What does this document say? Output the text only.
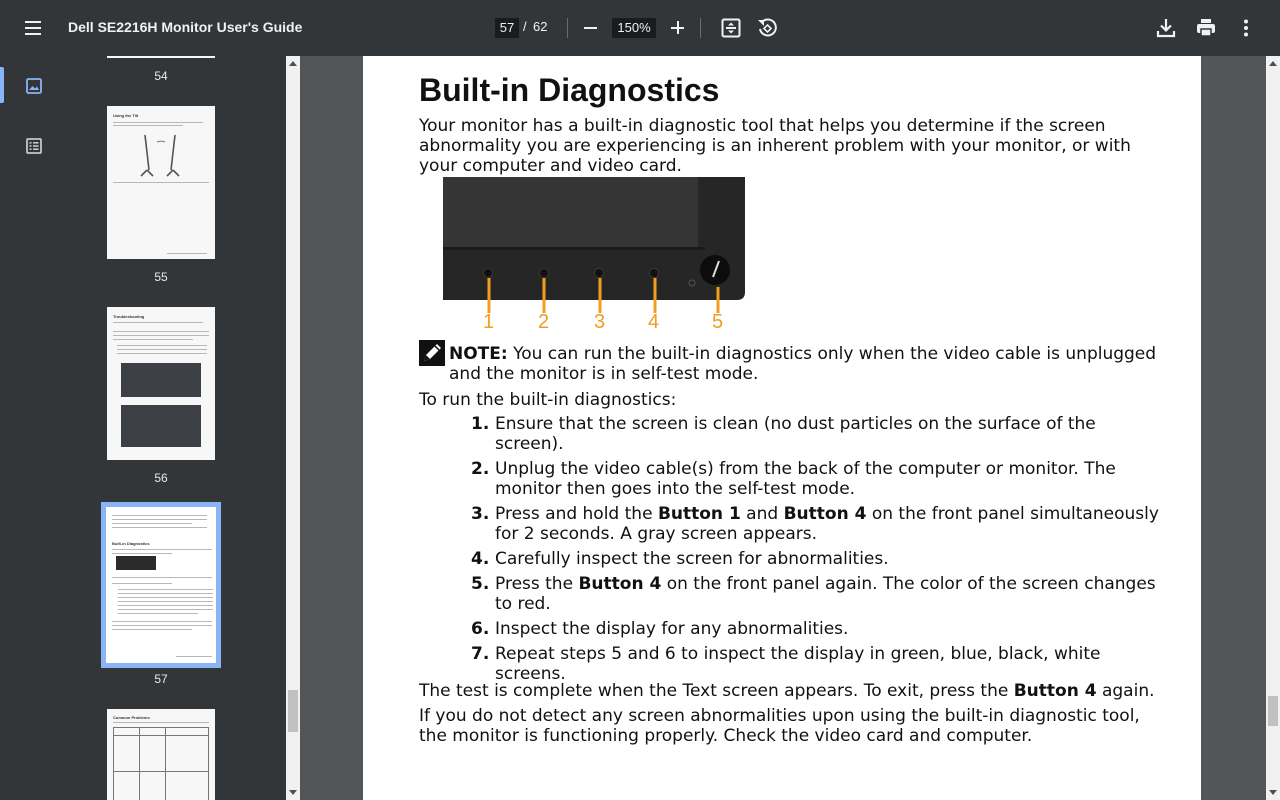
Dell SE2216H Monitor User's Guide	57 / 62	150%
54
Using the Tilt
55
Troubleshooting
56
Built-in Diagnostics
57
Common Problems
Built-in Diagnostics
Your monitor has a built-in diagnostic tool that helps you determine if the screen abnormality you are experiencing is an inherent problem with your monitor, or with your computer and video card.
1 2 3 4	5
NOTE: You can run the built-in diagnostics only when the video cable is unplugged and the monitor is in self-test mode.
To run the built-in diagnostics:
1. Ensure that the screen is clean (no dust particles on the surface of the screen).
2. Unplug the video cable(s) from the back of the computer or monitor. The monitor then goes into the self-test mode.
3. Press and hold the Button 1 and Button 4 on the front panel simultaneously for 2 seconds. A gray screen appears.
4. Carefully inspect the screen for abnormalities.
5. Press the Button 4 on the front panel again. The color of the screen changes to red.
6. Inspect the display for any abnormalities.
7. Repeat steps 5 and 6 to inspect the display in green, blue, black, white screens.
The test is complete when the Text screen appears. To exit, press the Button 4 again.
If you do not detect any screen abnormalities upon using the built-in diagnostic tool, the monitor is functioning properly. Check the video card and computer.
